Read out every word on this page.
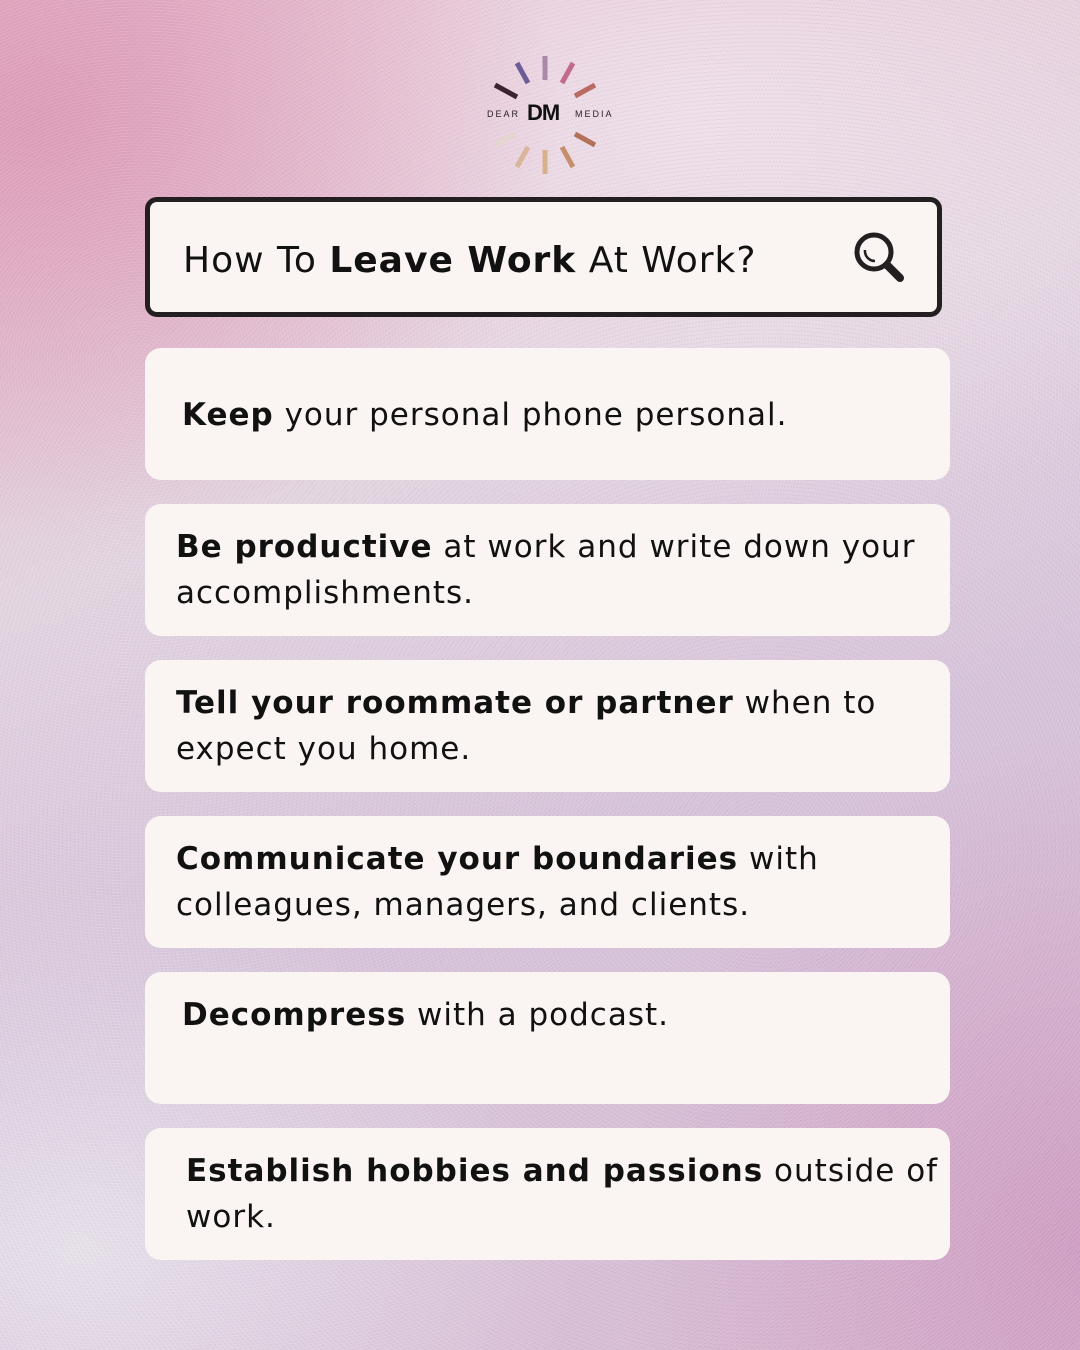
DEAR DM MEDIA
How To Leave Work At Work?
Keep your personal phone personal.
Be productive at work and write down your accomplishments.
Tell your roommate or partner when to expect you home.
Communicate your boundaries with colleagues, managers, and clients.
Decompress with a podcast.
Establish hobbies and passions outside of work.
